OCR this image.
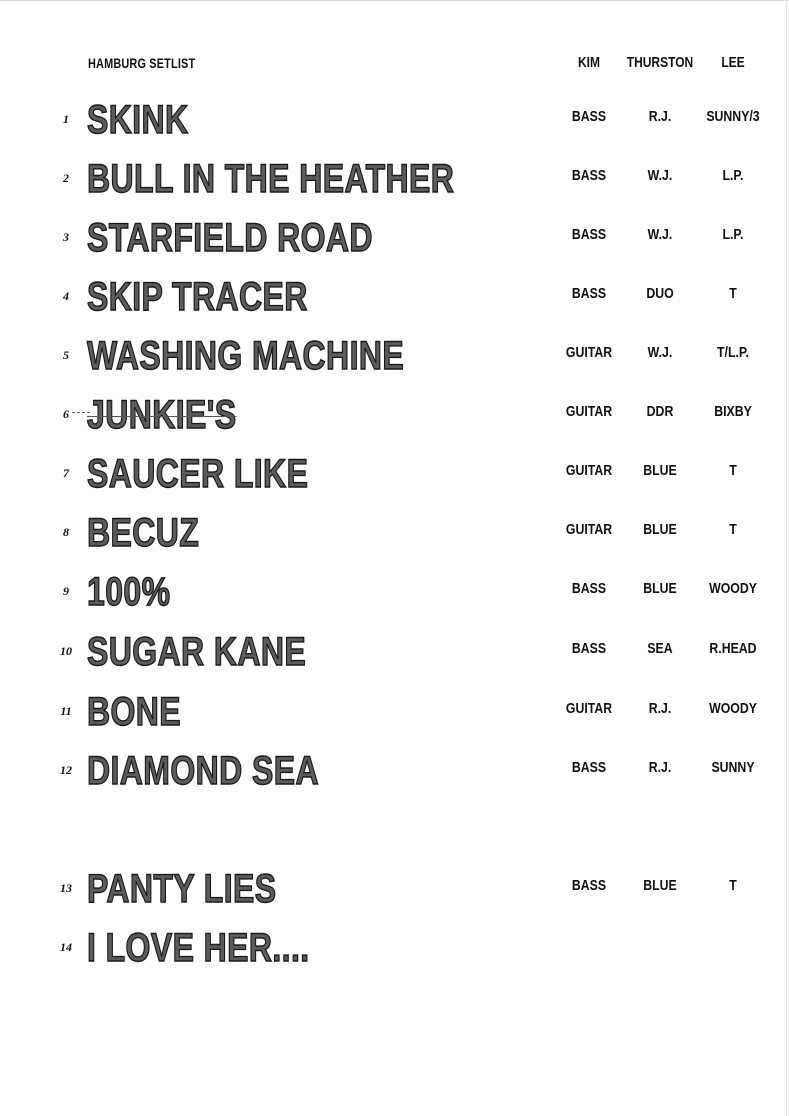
HAMBURG SETLIST	KIM	THURSTON	LEE
1 SKINK	BASS	R.J.	SUNNY/3
2 BULL IN THE HEATHER	BASS	W.J.	L.P.
3 STARFIELD ROAD	BASS	W.J.	L.P.
4 SKIP TRACER	BASS	DUO	T
5 WASHING MACHINE	GUITAR	W.J.	T/L.P.
6 JUNKIE'S	GUITAR	DDR	BIXBY
7 SAUCER LIKE	GUITAR	BLUE	T
8 BECUZ	GUITAR	BLUE	T
9 100%	BASS	BLUE	WOODY
10 SUGAR KANE	BASS	SEA	R.HEAD
11 BONE	GUITAR	R.J.	WOODY
12 DIAMOND SEA	BASS	R.J.	SUNNY
13 PANTY LIES	BASS	BLUE	T
14 I LOVE HER....
